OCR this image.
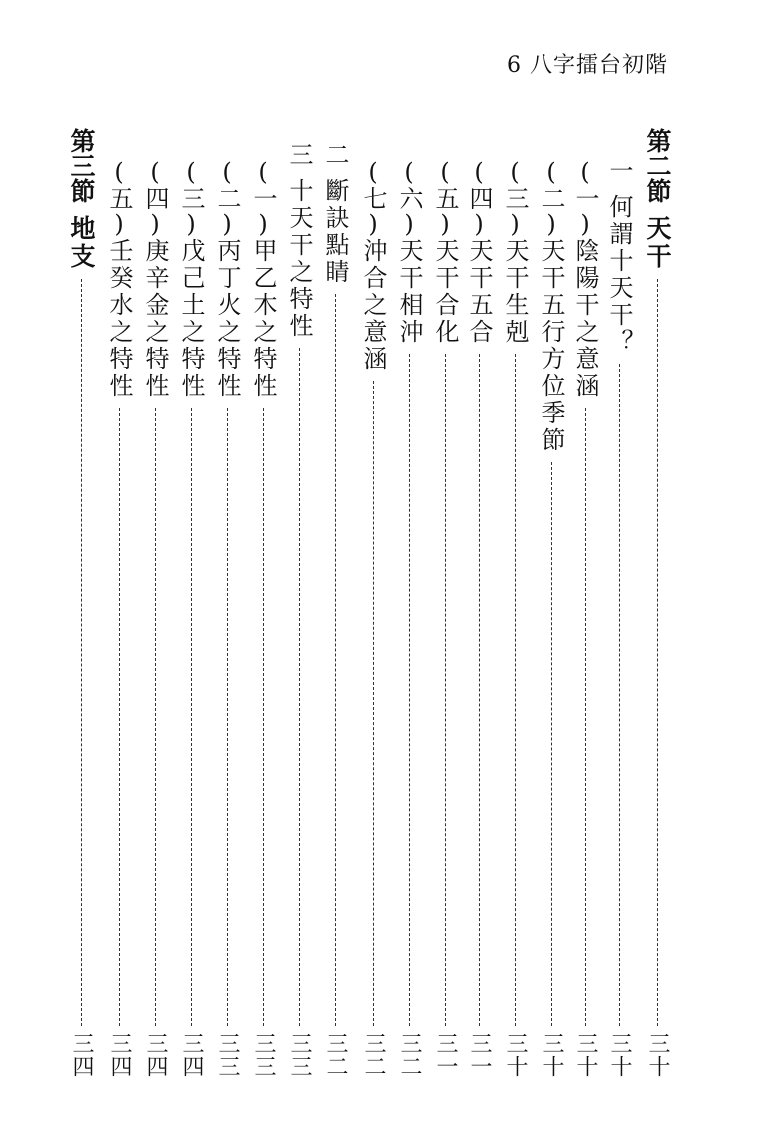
6 八字擂台初階
第二節
天干
三十
一
何謂十天干？
三十
(一)
陰陽干之意涵
三十
(二)
天干五行方位季節
三十
(三)
天干生剋
三十
(四)
天干五合
三一
(五)
天干合化
三一
(六)
天干相沖
三二
(七)
沖合之意涵
三二
二
斷訣點睛
三二
三
十天干之特性
三三
(一)
甲乙木之特性
三三
(二)
丙丁火之特性
三三
(三)
戊己土之特性
三四
(四)
庚辛金之特性
三四
(五)
壬癸水之特性
三四
第三節
地支
三四
